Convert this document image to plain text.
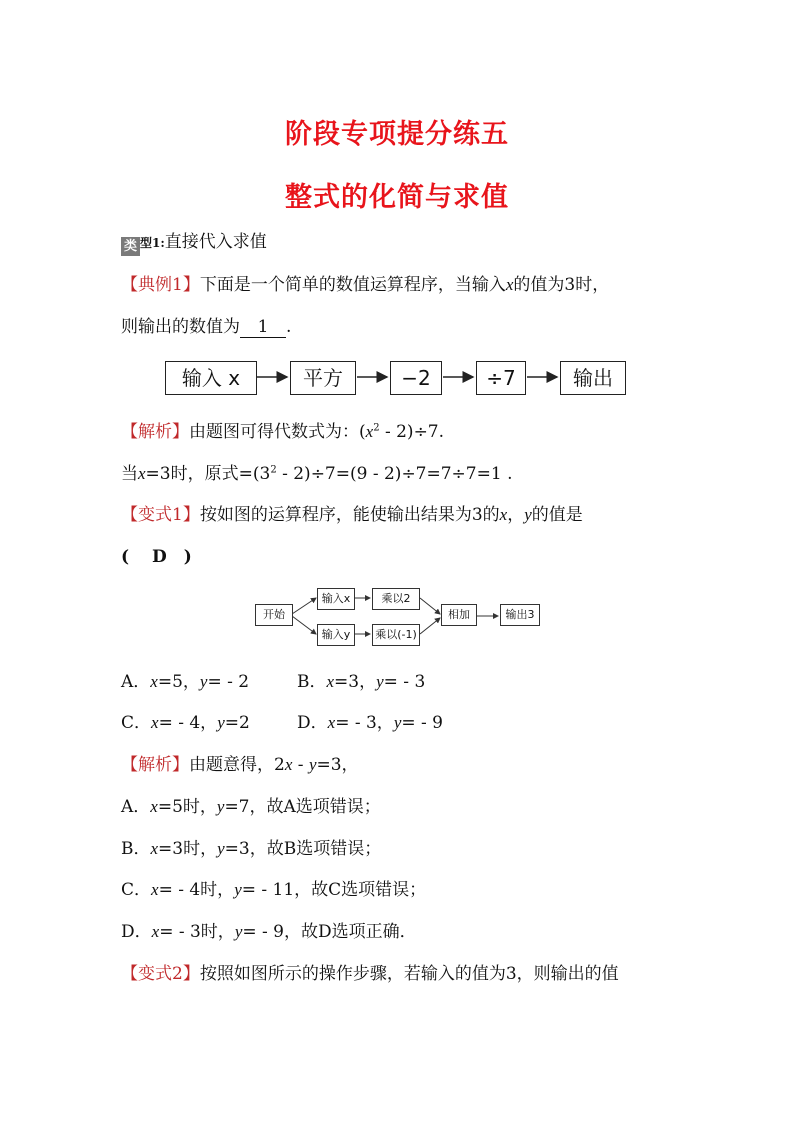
阶段专项提分练五
整式的化简与求值
类 型1:直接代入求值
【典例1】下面是一个简单的数值运算程序，当输入x的值为3时，
则输出的数值为 1 .
输入 x	平方	−2	÷7	输出
【解析】由题图可得代数式为：$(x^2 - 2)\div 7$.
当x=3时，原式$=(3^2 - 2)\div 7=(9 - 2)\div 7=7\div 7=1$ .
【变式1】按如图的运算程序，能使输出结果为3的x，y的值是
(　 D　)
开始
输入x	乘以2
输入y	乘以(-1)
相加	输出3
A．x=5，y= - 2	B．x=3，y= - 3
C．x= - 4，y=2	D．x= - 3，y= - 9
【解析】由题意得，2x - y=3，
A．x=5时，y=7，故A选项错误；
B．x=3时，y=3，故B选项错误；
C．x= - 4时，y= - 11，故C选项错误；
D．x= - 3时，y= - 9，故D选项正确．
【变式2】按照如图所示的操作步骤，若输入的值为3，则输出的值
